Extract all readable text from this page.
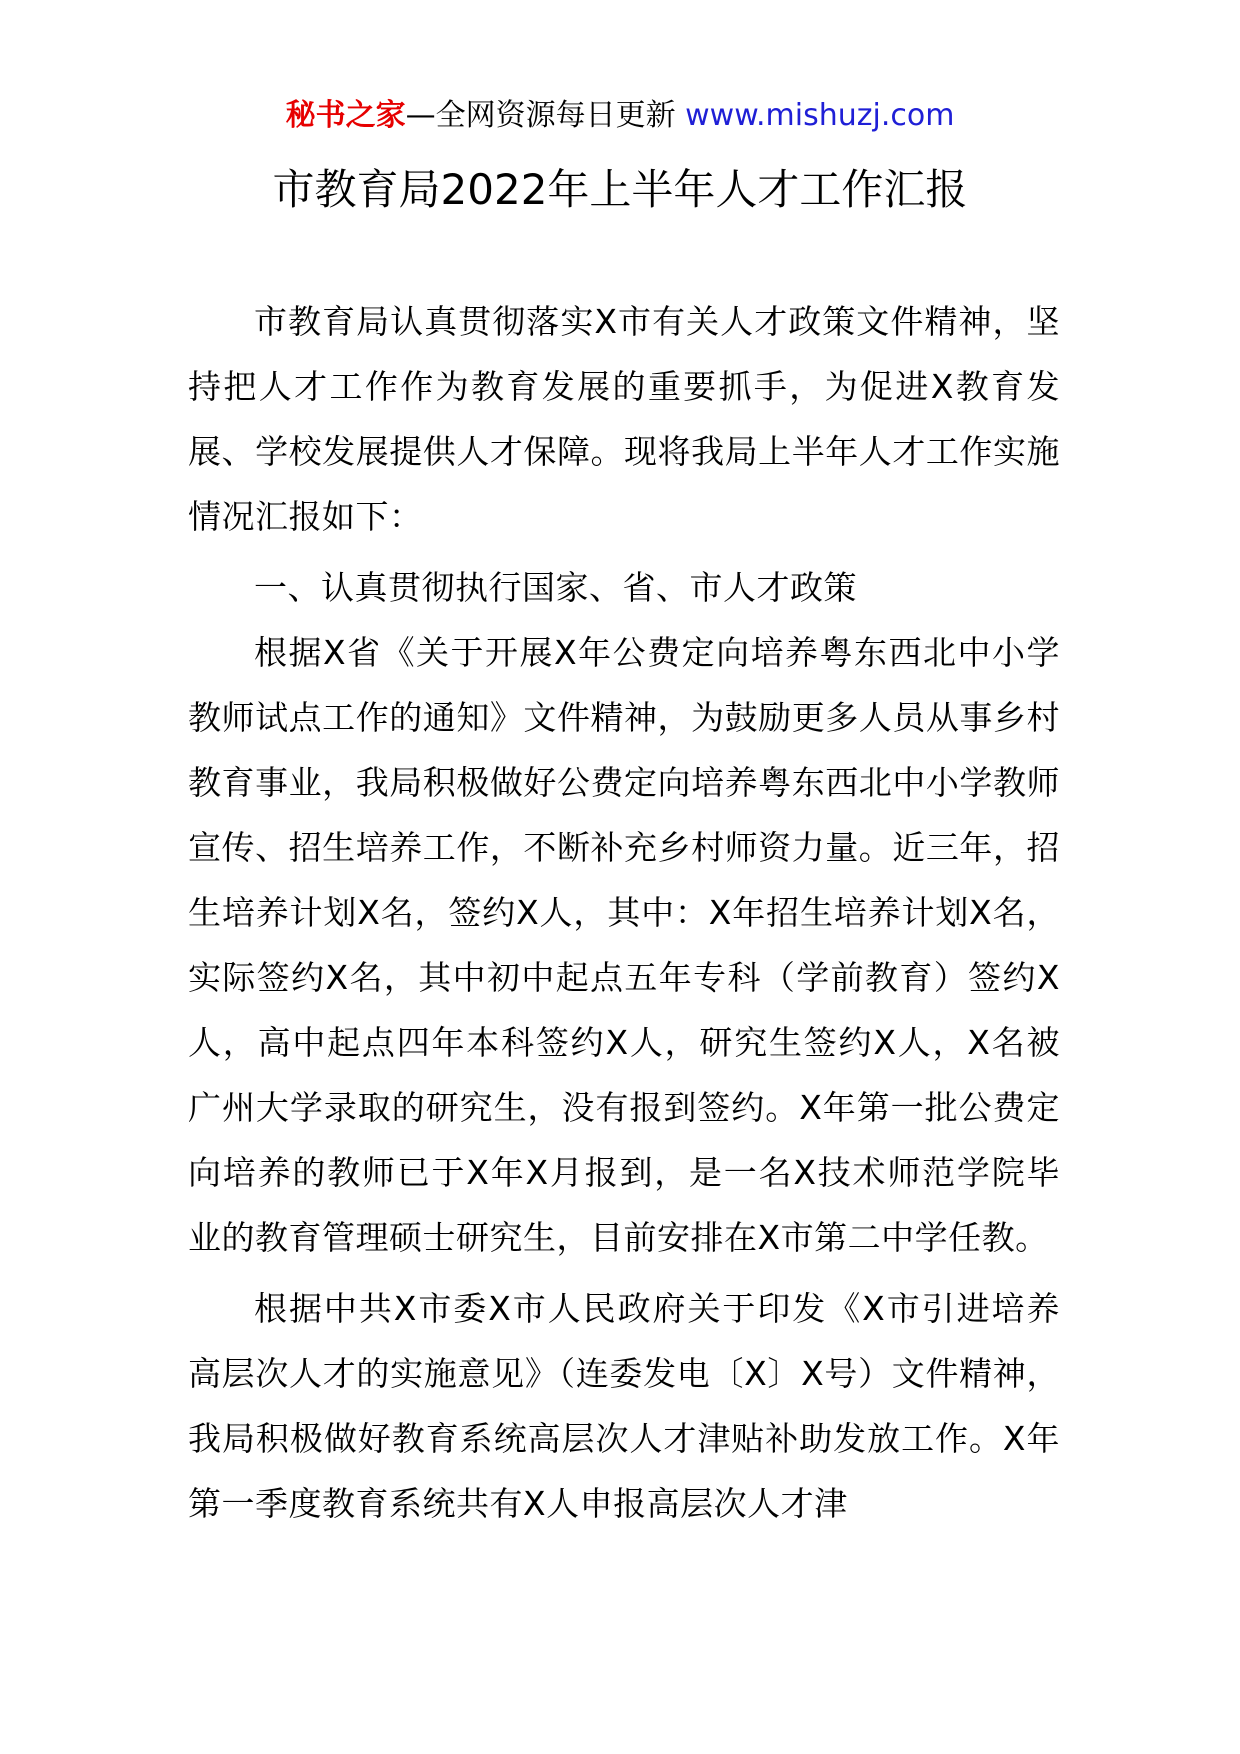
秘书之家—全网资源每日更新 www.mishuzj.com
市教育局2022年上半年人才工作汇报

市教育局认真贯彻落实X市有关人才政策文件精神，坚持把人才工作作为教育发展的重要抓手，为促进X教育发展、学校发展提供人才保障。现将我局上半年人才工作实施情况汇报如下：

一、认真贯彻执行国家、省、市人才政策

根据X省《关于开展X年公费定向培养粤东西北中小学教师试点工作的通知》文件精神，为鼓励更多人员从事乡村教育事业，我局积极做好公费定向培养粤东西北中小学教师宣传、招生培养工作，不断补充乡村师资力量。近三年，招生培养计划X名，签约X人，其中：X年招生培养计划X名，实际签约X名，其中初中起点五年专科（学前教育）签约X人，高中起点四年本科签约X人，研究生签约X人，X名被广州大学录取的研究生，没有报到签约。X年第一批公费定向培养的教师已于X年X月报到，是一名X技术师范学院毕业的教育管理硕士研究生，目前安排在X市第二中学任教。

根据中共X市委X市人民政府关于印发《X市引进培养高层次人才的实施意见》（连委发电〔X〕X号）文件精神，我局积极做好教育系统高层次人才津贴补助发放工作。X年第一季度教育系统共有X人申报高层次人才津
